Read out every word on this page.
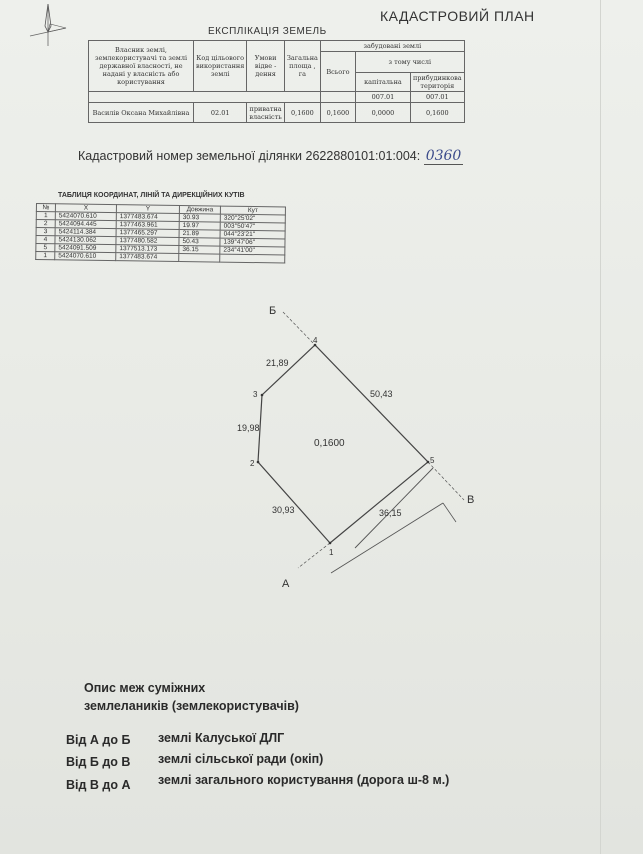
КАДАСТРОВИЙ ПЛАН
ЕКСПЛІКАЦІЯ ЗЕМЕЛЬ
Власник землі, землекористувачі та землі державної власності, не надані у власність або користування	Код цільового використання землі	Умови відве - дення	Загальна площа , га	забудовані землі		
				Всього	з тому числі	
					капітальна	прибудинкова територія
					007.01	007.01
Василів Оксана Михайлівна	02.01	приватна власність	0,1600	0,1600	0,0000	0,1600
Кадастровий номер земельної ділянки 2622880101:01:004: 0360
ТАБЛИЦЯ КООРДИНАТ, ЛІНІЙ ТА ДИРЕКЦІЙНИХ КУТІВ
№	X	Y	Довжина	Кут
1	5424070.610	1377483.674	30.93	320°25'02"
2	5424094.445	1377463.961	19.97	003°50'47"
3	5424114.384	1377465.297	21.89	044°23'21"
4	5424130.062	1377480.582	50.43	139°47'06"
5	5424091.509	1377513.173	36.15	234°41'00"
1	5424070.610	1377483.674		
1
2
3
4
5
30,93
19,98
21,89
50,43
36,15
0,1600
А
Б
В
Опис меж суміжних
землелаників (землекористувачів)
Від А до Б землі Калуської ДЛГ
Від Б до В землі сільської ради (окіп)
Від В до А землі загального користування (дорога ш-8 м.)
